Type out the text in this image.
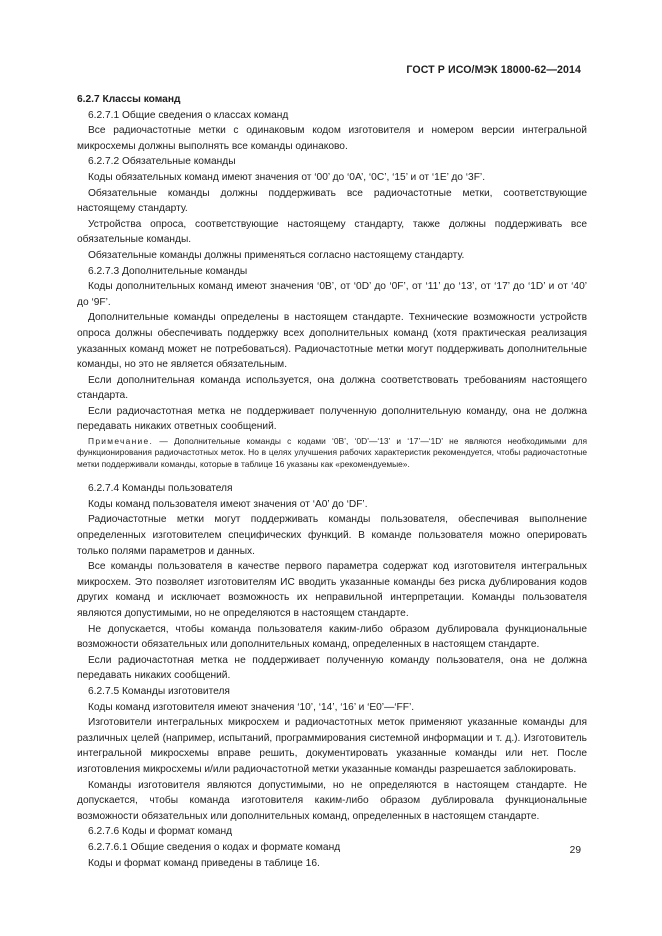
ГОСТ Р ИСО/МЭК 18000-62—2014

6.2.7 Классы команд

6.2.7.1 Общие сведения о классах команд

Все радиочастотные метки с одинаковым кодом изготовителя и номером версии интегральной микросхемы должны выполнять все команды одинаково.

6.2.7.2 Обязательные команды

Коды обязательных команд имеют значения от ‘00’ до ‘0A’, ‘0C’, ‘15’ и от ‘1E’ до ‘3F’.

Обязательные команды должны поддерживать все радиочастотные метки, соответствующие настоящему стандарту.

Устройства опроса, соответствующие настоящему стандарту, также должны поддерживать все обязательные команды.

Обязательные команды должны применяться согласно настоящему стандарту.

6.2.7.3 Дополнительные команды

Коды дополнительных команд имеют значения ‘0B’, от ‘0D’ до ‘0F’, от ‘11’ до ‘13’, от ‘17’ до ‘1D’ и от ‘40’ до ‘9F’.

Дополнительные команды определены в настоящем стандарте. Технические возможности устройств опроса должны обеспечивать поддержку всех дополнительных команд (хотя практическая реализация указанных команд может не потребоваться). Радиочастотные метки могут поддерживать дополнительные команды, но это не является обязательным.

Если дополнительная команда используется, она должна соответствовать требованиям настоящего стандарта.

Если радиочастотная метка не поддерживает полученную дополнительную команду, она не должна передавать никаких ответных сообщений.

Примечание. — Дополнительные команды с кодами ‘0B’, ‘0D’—‘13’ и ‘17’—‘1D’ не являются необходимыми для функционирования радиочастотных меток. Но в целях улучшения рабочих характеристик рекомендуется, чтобы радиочастотные метки поддерживали команды, которые в таблице 16 указаны как «рекомендуемые».

6.2.7.4 Команды пользователя

Коды команд пользователя имеют значения от ‘A0’ до ‘DF’.

Радиочастотные метки могут поддерживать команды пользователя, обеспечивая выполнение определенных изготовителем специфических функций. В команде пользователя можно оперировать только полями параметров и данных.

Все команды пользователя в качестве первого параметра содержат код изготовителя интегральных микросхем. Это позволяет изготовителям ИС вводить указанные команды без риска дублирования кодов других команд и исключает возможность их неправильной интерпретации. Команды пользователя являются допустимыми, но не определяются в настоящем стандарте.

Не допускается, чтобы команда пользователя каким-либо образом дублировала функциональные возможности обязательных или дополнительных команд, определенных в настоящем стандарте.

Если радиочастотная метка не поддерживает полученную команду пользователя, она не должна передавать никаких сообщений.

6.2.7.5 Команды изготовителя

Коды команд изготовителя имеют значения ‘10’, ‘14’, ‘16’ и ‘E0’—‘FF’.

Изготовители интегральных микросхем и радиочастотных меток применяют указанные команды для различных целей (например, испытаний, программирования системной информации и т. д.). Изготовитель интегральной микросхемы вправе решить, документировать указанные команды или нет. После изготовления микросхемы и/или радиочастотной метки указанные команды разрешается заблокировать.

Команды изготовителя являются допустимыми, но не определяются в настоящем стандарте. Не допускается, чтобы команда изготовителя каким-либо образом дублировала функциональные возможности обязательных или дополнительных команд, определенных в настоящем стандарте.

6.2.7.6 Коды и формат команд

6.2.7.6.1 Общие сведения о кодах и формате команд

Коды и формат команд приведены в таблице 16.

29
